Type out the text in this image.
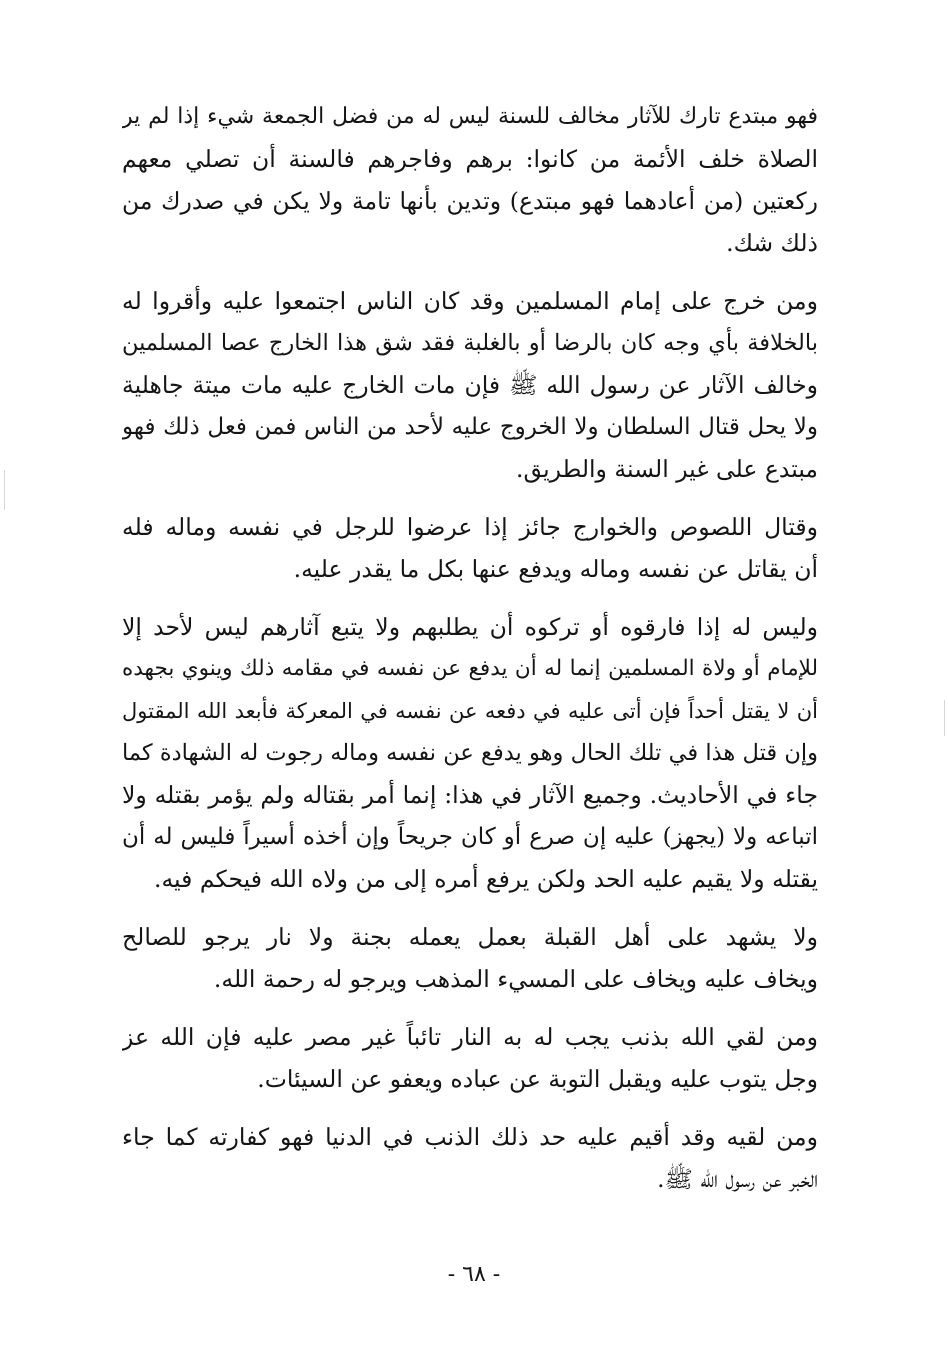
فهو مبتدع تارك للآثار مخالف للسنة ليس له من فضل الجمعة شيء إذا لم ير
الصلاة خلف الأئمة من كانوا: برهم وفاجرهم فالسنة أن تصلي معهم
ركعتين (من أعادهما فهو مبتدع) وتدين بأنها تامة ولا يكن في صدرك من
ذلك شك.
ومن خرج على إمام المسلمين وقد كان الناس اجتمعوا عليه وأقروا له
بالخلافة بأي وجه كان بالرضا أو بالغلبة فقد شق هذا الخارج عصا المسلمين
وخالف الآثار عن رسول الله ﷺ فإن مات الخارج عليه مات ميتة جاهلية
ولا يحل قتال السلطان ولا الخروج عليه لأحد من الناس فمن فعل ذلك فهو
مبتدع على غير السنة والطريق.
وقتال اللصوص والخوارج جائز إذا عرضوا للرجل في نفسه وماله فله
أن يقاتل عن نفسه وماله ويدفع عنها بكل ما يقدر عليه.
وليس له إذا فارقوه أو تركوه أن يطلبهم ولا يتبع آثارهم ليس لأحد إلا
للإمام أو ولاة المسلمين إنما له أن يدفع عن نفسه في مقامه ذلك وينوي بجهده
أن لا يقتل أحداً فإن أتى عليه في دفعه عن نفسه في المعركة فأبعد الله المقتول
وإن قتل هذا في تلك الحال وهو يدفع عن نفسه وماله رجوت له الشهادة كما
جاء في الأحاديث. وجميع الآثار في هذا: إنما أمر بقتاله ولم يؤمر بقتله ولا
اتباعه ولا (يجهز) عليه إن صرع أو كان جريحاً وإن أخذه أسيراً فليس له أن
يقتله ولا يقيم عليه الحد ولكن يرفع أمره إلى من ولاه الله فيحكم فيه.
ولا يشهد على أهل القبلة بعمل يعمله بجنة ولا نار يرجو للصالح
ويخاف عليه ويخاف على المسيء المذهب ويرجو له رحمة الله.
ومن لقي الله بذنب يجب له به النار تائباً غير مصر عليه فإن الله عز
وجل يتوب عليه ويقبل التوبة عن عباده ويعفو عن السيئات.
ومن لقيه وقد أقيم عليه حد ذلك الذنب في الدنيا فهو كفارته كما جاء
الخبر عن رسول الله ﷺ.
- ٦٨ -
